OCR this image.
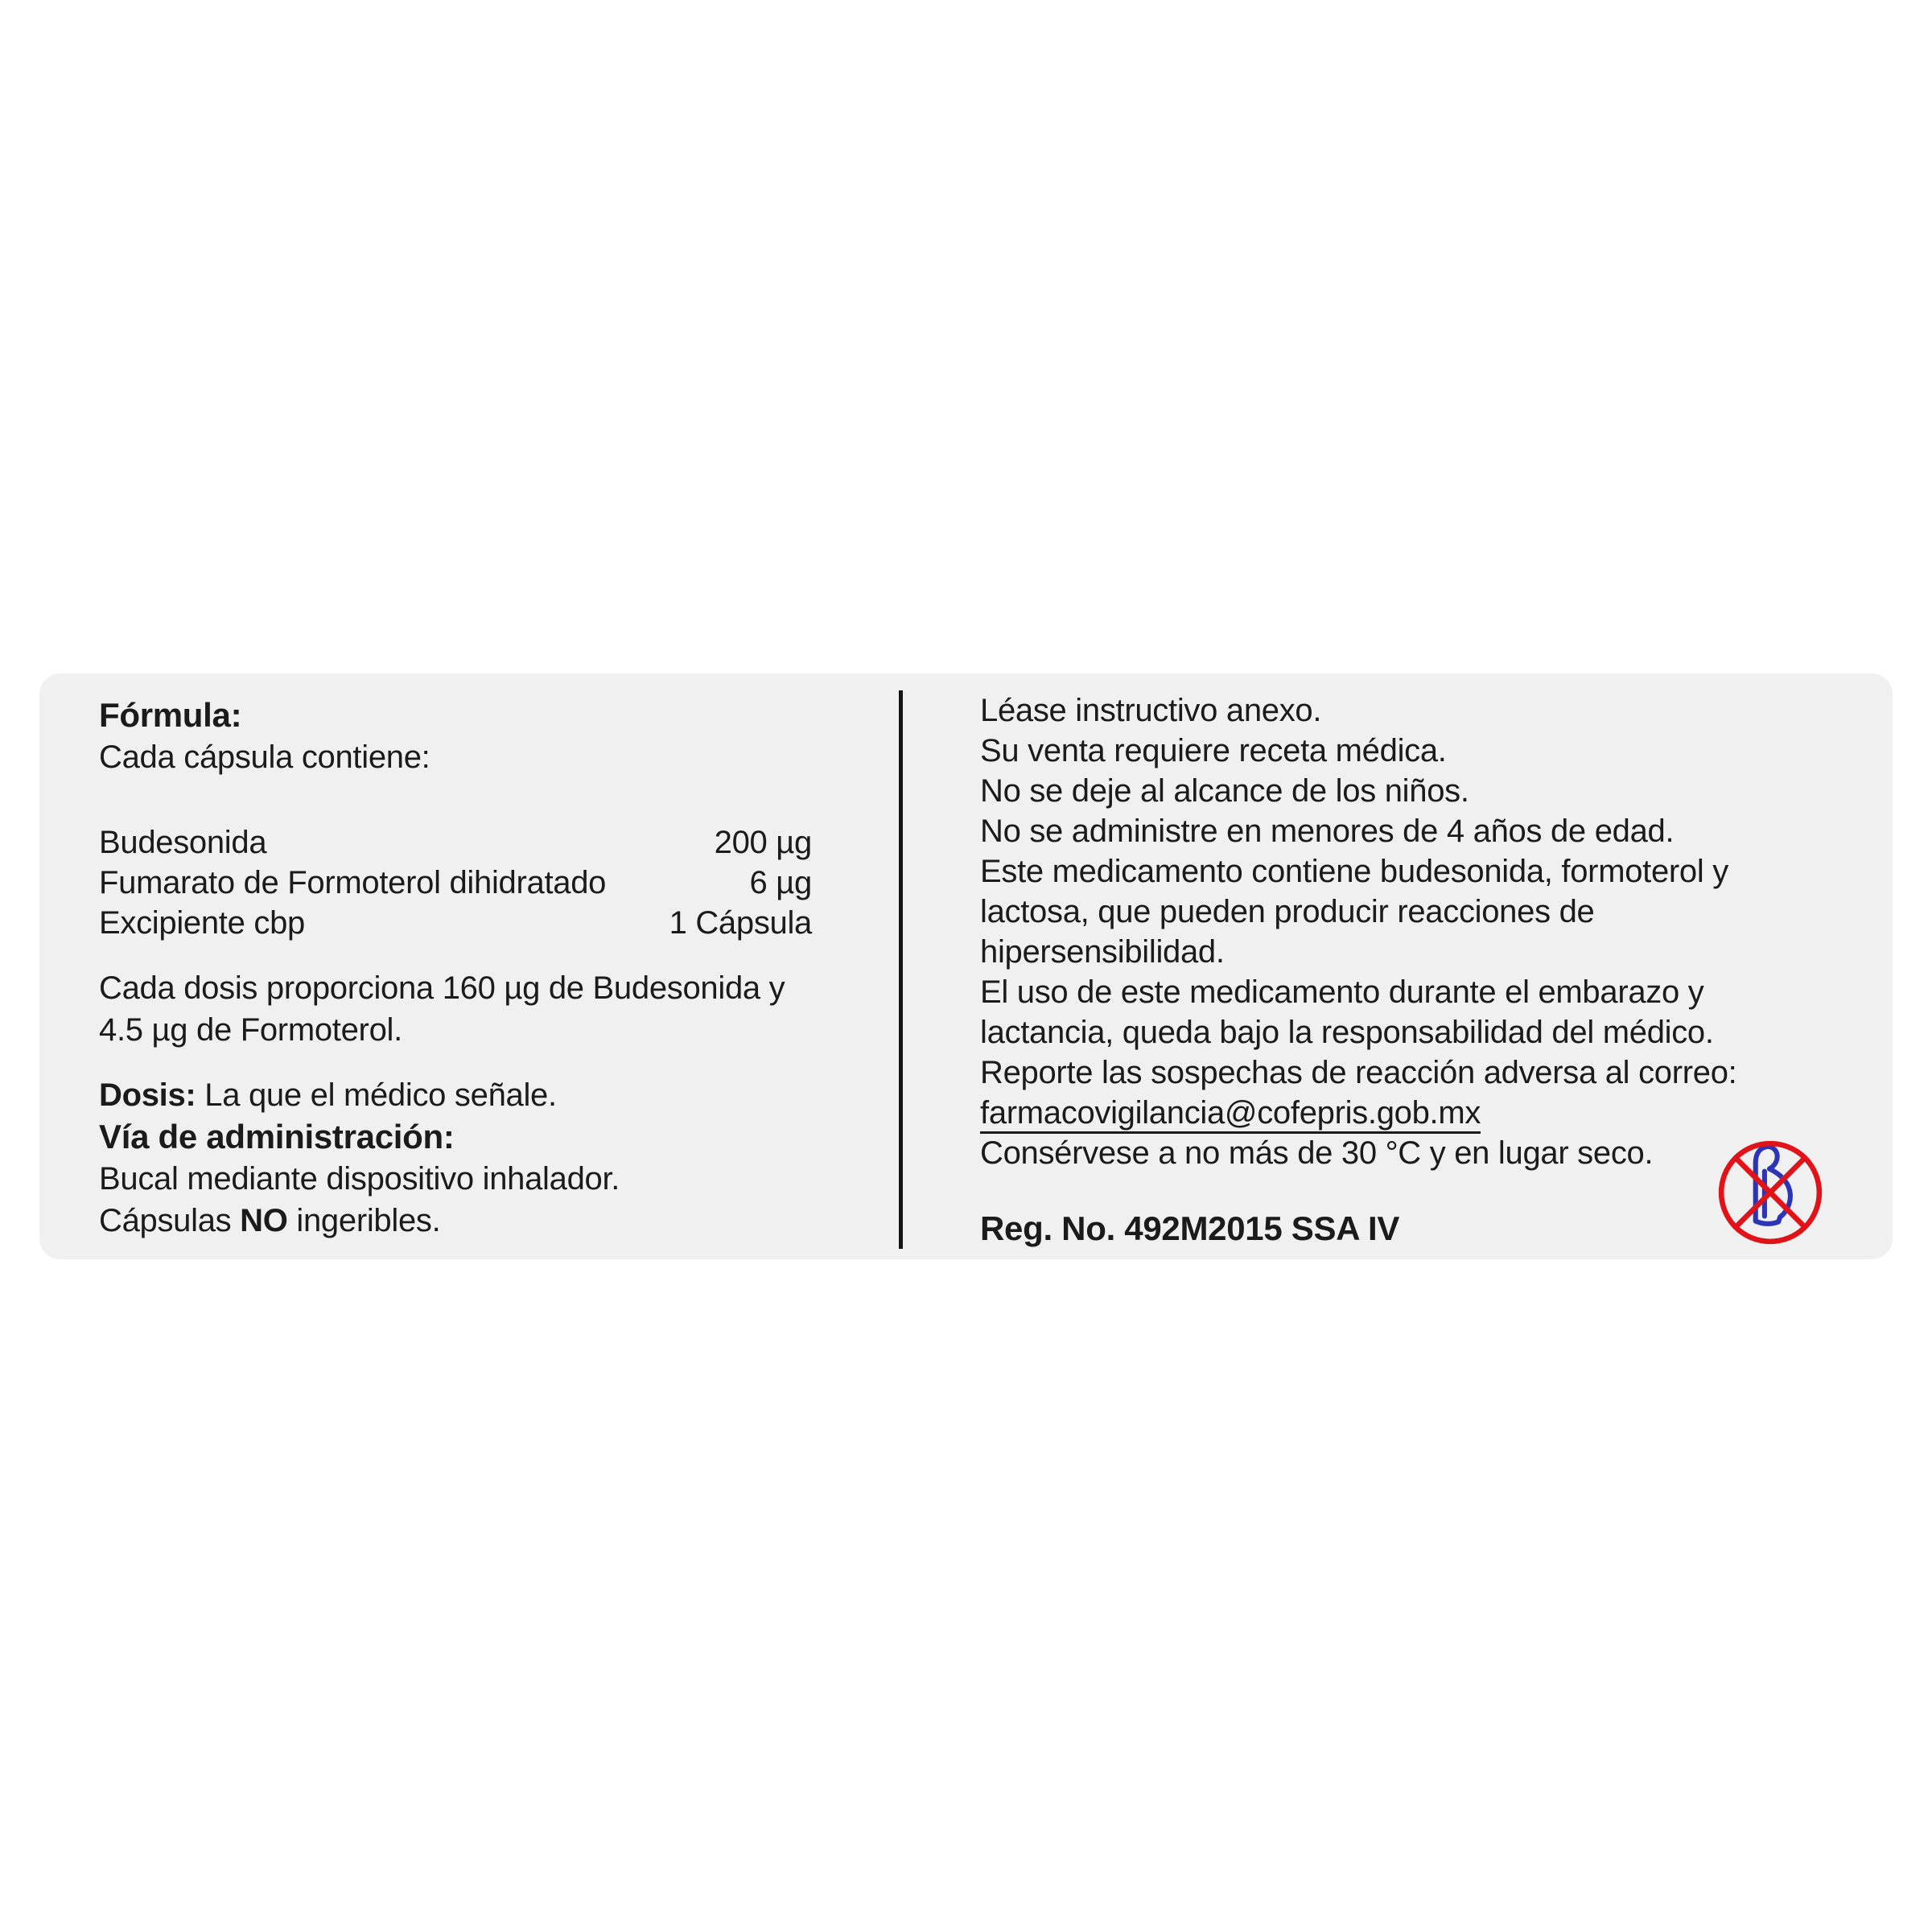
Fórmula:
Cada cápsula contiene:
Budesonida	200 µg
Fumarato de Formoterol dihidratado	6 µg
Excipiente cbp	1 Cápsula
Cada dosis proporciona 160 µg de Budesonida y
4.5 µg de Formoterol.
Dosis: La que el médico señale.
Vía de administración:
Bucal mediante dispositivo inhalador.
Cápsulas NO ingeribles.
Léase instructivo anexo.
Su venta requiere receta médica.
No se deje al alcance de los niños.
No se administre en menores de 4 años de edad.
Este medicamento contiene budesonida, formoterol y
lactosa, que pueden producir reacciones de
hipersensibilidad.
El uso de este medicamento durante el embarazo y
lactancia, queda bajo la responsabilidad del médico.
Reporte las sospechas de reacción adversa al correo:
farmacovigilancia@cofepris.gob.mx
Consérvese a no más de 30 °C y en lugar seco.
Reg. No. 492M2015 SSA IV
